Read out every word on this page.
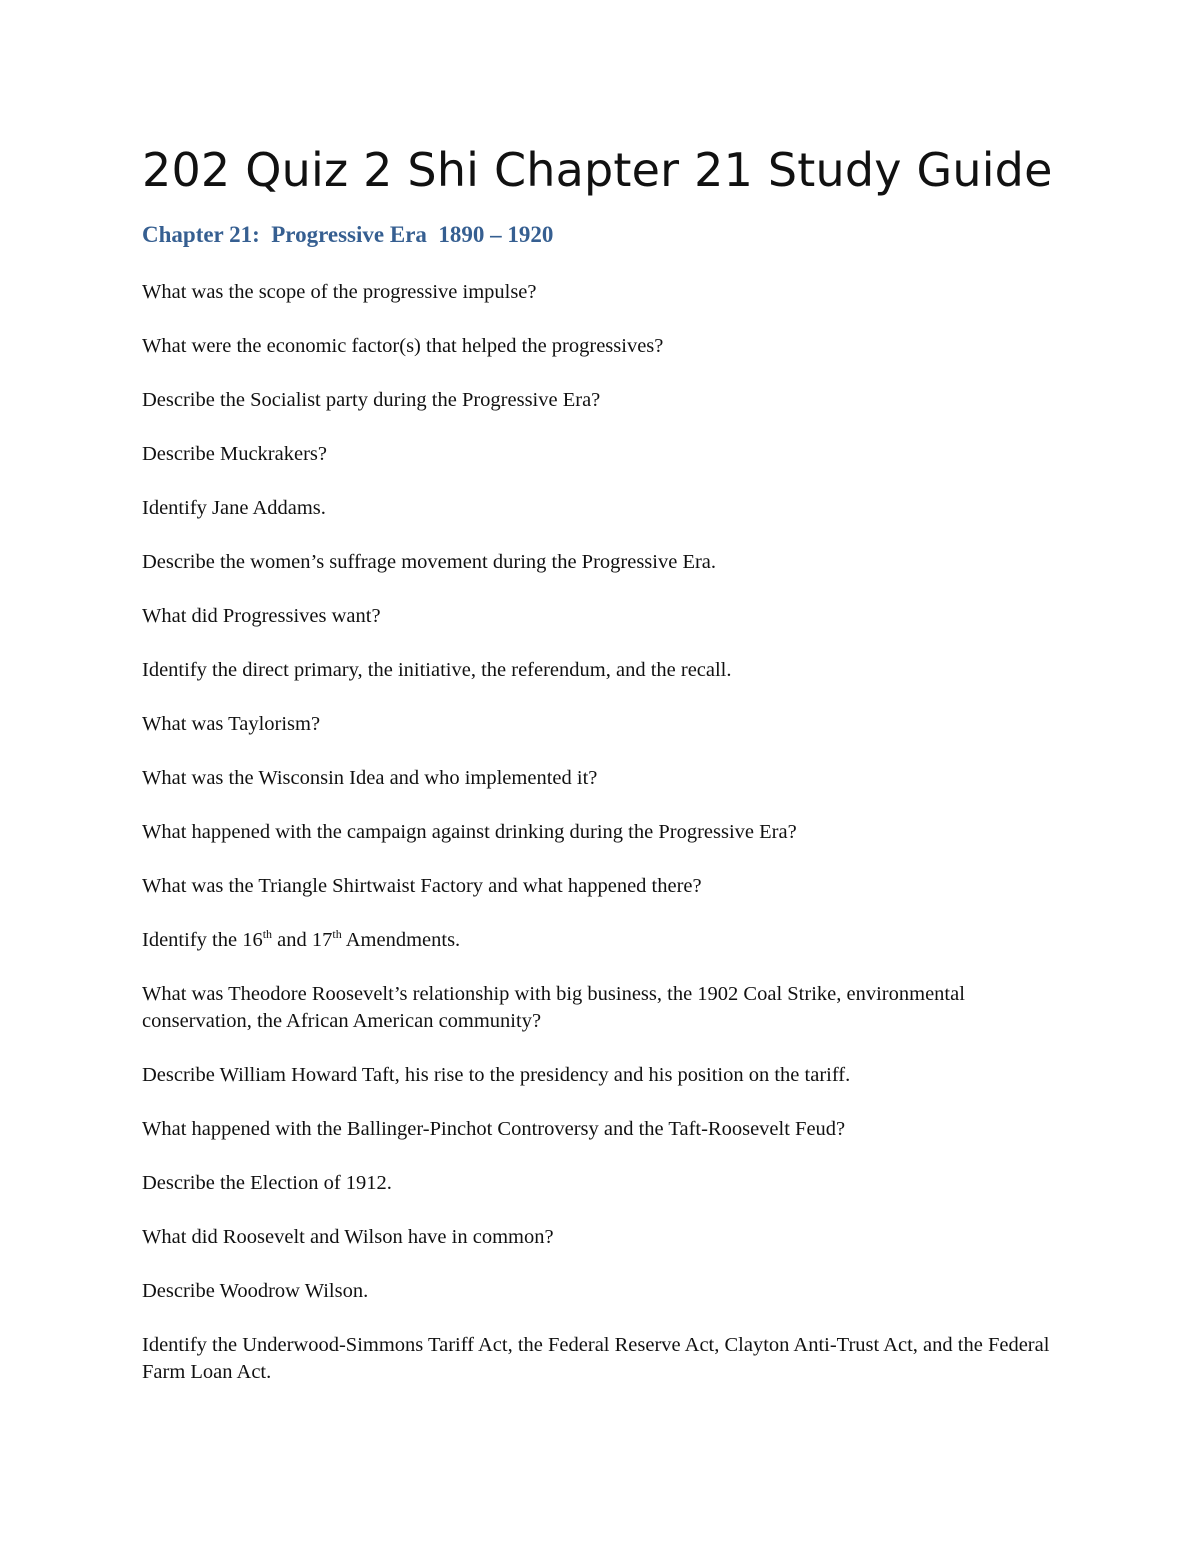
202 Quiz 2 Shi Chapter 21 Study Guide
Chapter 21:  Progressive Era  1890 – 1920
What was the scope of the progressive impulse?
What were the economic factor(s) that helped the progressives?
Describe the Socialist party during the Progressive Era?
Describe Muckrakers?
Identify Jane Addams.
Describe the women’s suffrage movement during the Progressive Era.
What did Progressives want?
Identify the direct primary, the initiative, the referendum, and the recall.
What was Taylorism?
What was the Wisconsin Idea and who implemented it?
What happened with the campaign against drinking during the Progressive Era?
What was the Triangle Shirtwaist Factory and what happened there?
Identify the 16th and 17th Amendments.
What was Theodore Roosevelt’s relationship with big business, the 1902 Coal Strike, environmental conservation, the African American community?
Describe William Howard Taft, his rise to the presidency and his position on the tariff.
What happened with the Ballinger-Pinchot Controversy and the Taft-Roosevelt Feud?
Describe the Election of 1912.
What did Roosevelt and Wilson have in common?
Describe Woodrow Wilson.
Identify the Underwood-Simmons Tariff Act, the Federal Reserve Act, Clayton Anti-Trust Act, and the Federal Farm Loan Act.
